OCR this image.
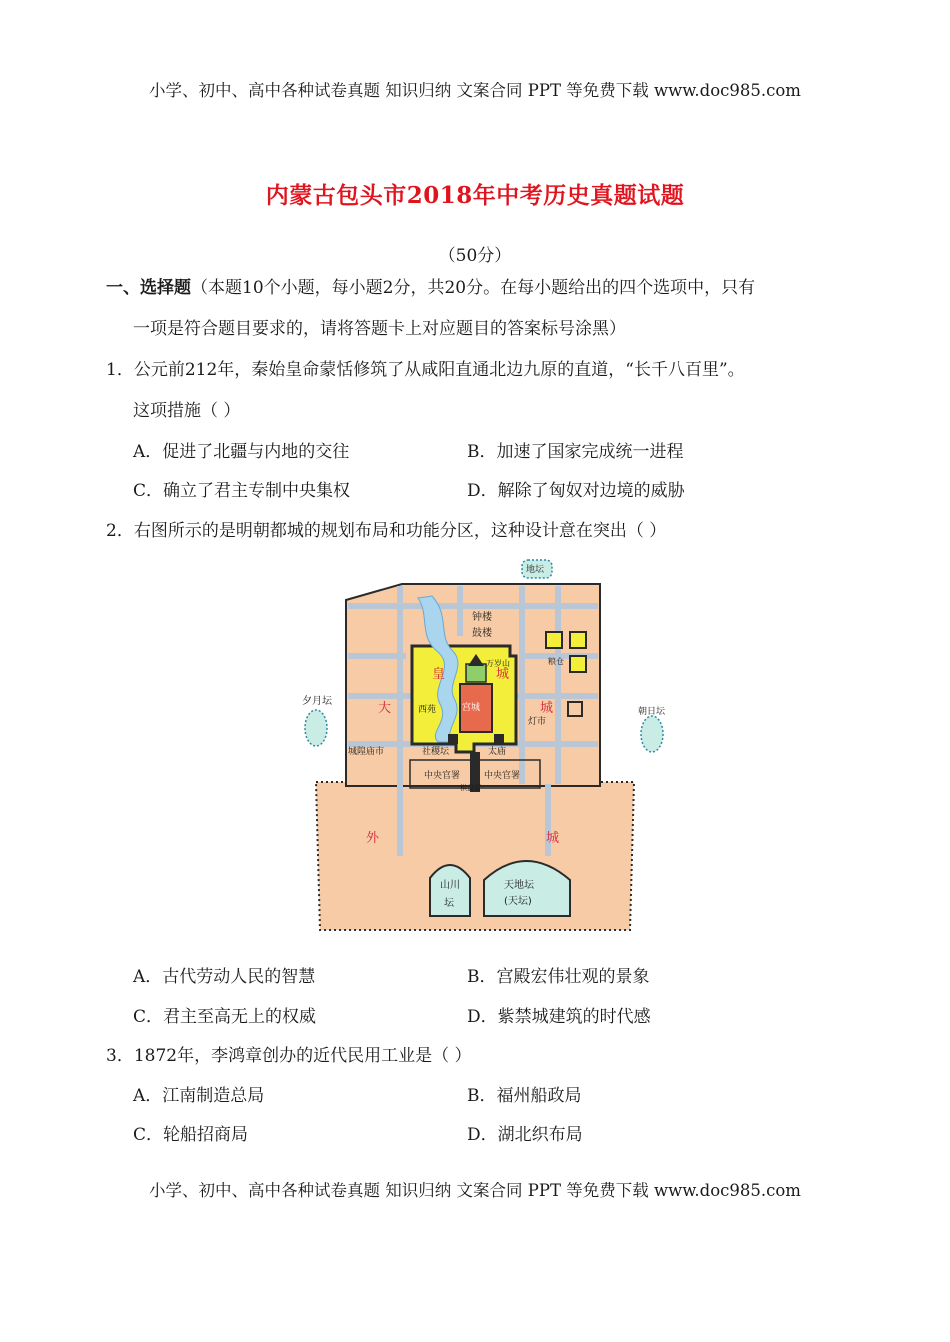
小学、初中、高中各种试卷真题 知识归纳 文案合同 PPT 等免费下载 www.doc985.com
内蒙古包头市2018年中考历史真题试题
（50分）
一、选择题（本题10个小题，每小题2分，共20分。在每小题给出的四个选项中，只有
一项是符合题目要求的，请将答题卡上对应题目的答案标号涂黑）
1．公元前212年，秦始皇命蒙恬修筑了从咸阳直通北边九原的直道，“长千八百里”。
这项措施（ ）
A．促进了北疆与内地的交往	B．加速了国家完成统一进程
C．确立了君主专制中央集权	D．解除了匈奴对边境的威胁
2．右图所示的是明朝都城的规划布局和功能分区，这种设计意在突出（ ）
地坛
钟楼
鼓楼
粮仓
西苑	宫城
万岁山
夕月坛
朝日坛
灯市
城隍庙市	社稷坛	太庙
中央官署	中央官署
棋盘街
山川
坛
天地坛
(天坛)
皇	城
大	城
外	城
A．古代劳动人民的智慧	B．宫殿宏伟壮观的景象
C．君主至高无上的权威	D．紫禁城建筑的时代感
3．1872年，李鸿章创办的近代民用工业是（ ）
A．江南制造总局	B．福州船政局
C．轮船招商局	D．湖北织布局
小学、初中、高中各种试卷真题 知识归纳 文案合同 PPT 等免费下载 www.doc985.com
